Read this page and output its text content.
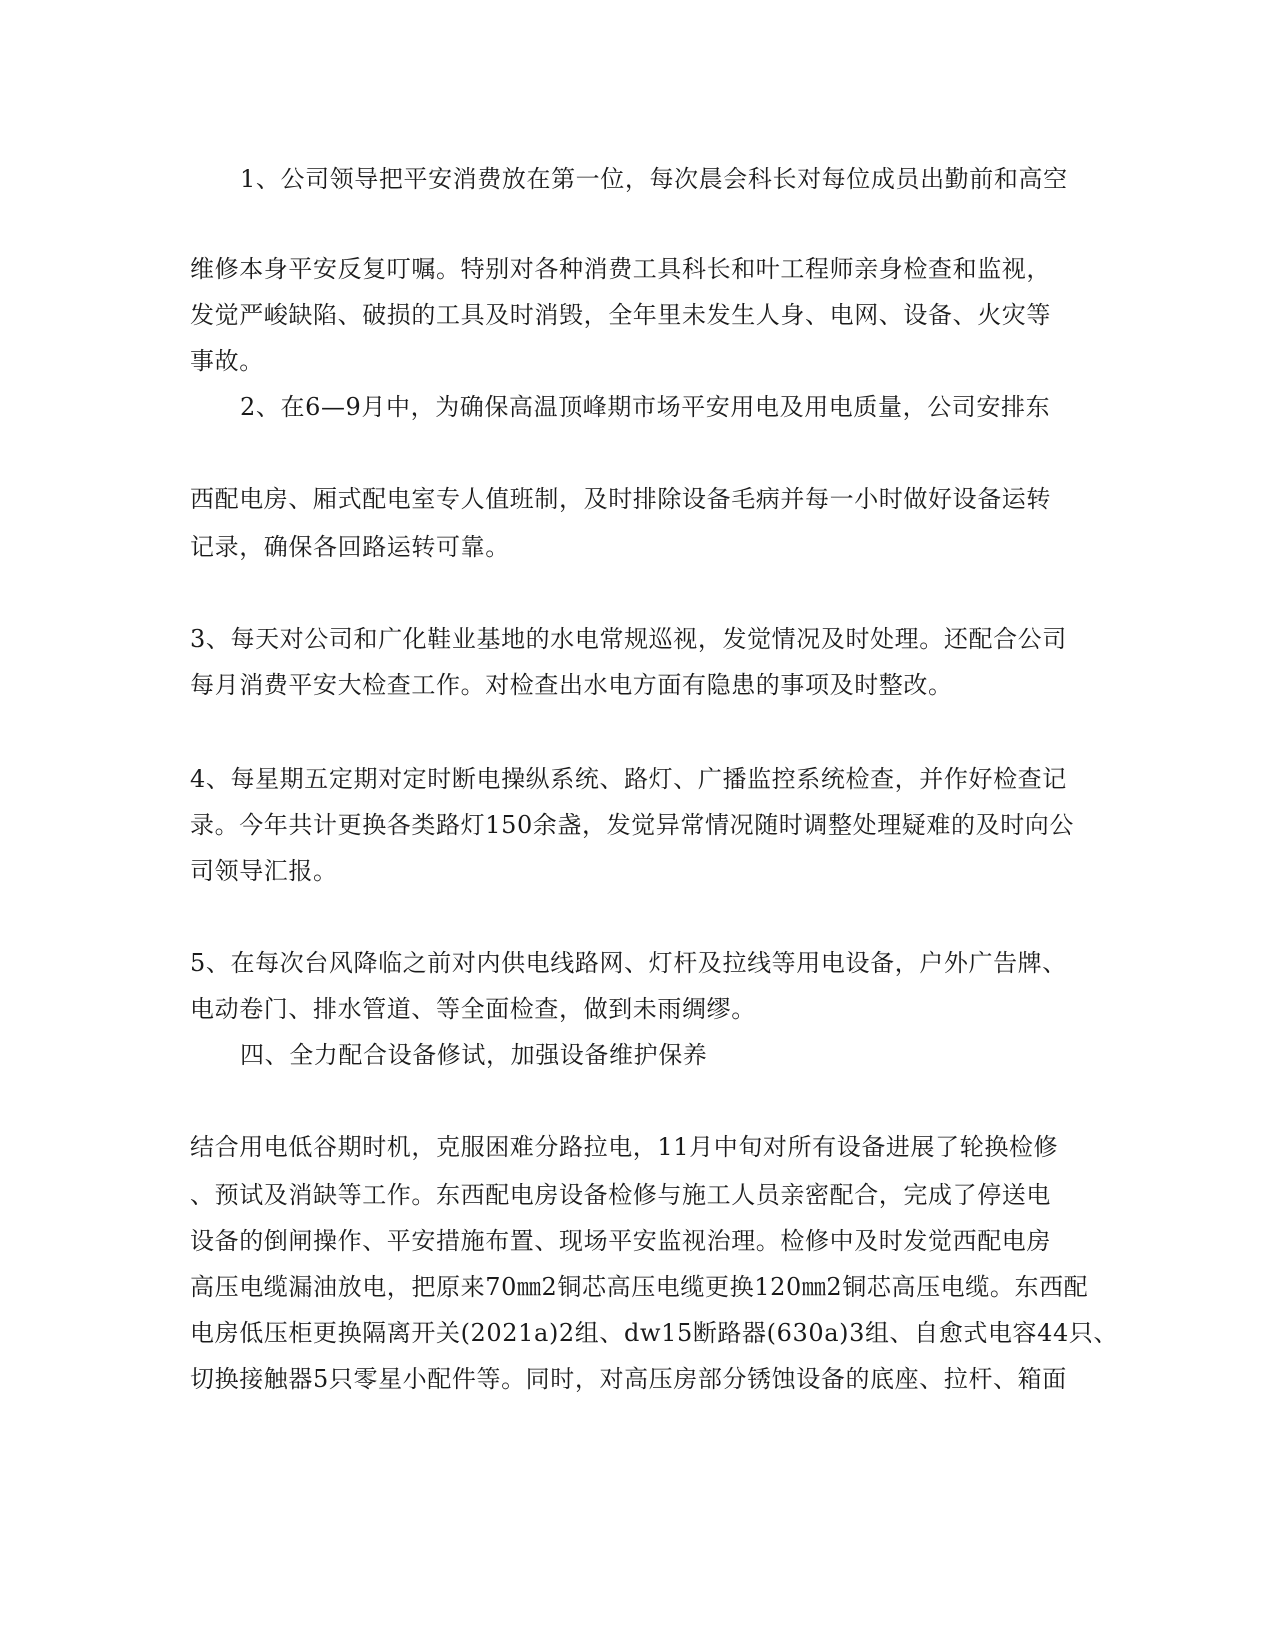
1、公司领导把平安消费放在第一位，每次晨会科长对每位成员出勤前和高空
维修本身平安反复叮嘱。特别对各种消费工具科长和叶工程师亲身检查和监视，
发觉严峻缺陷、破损的工具及时消毁，全年里未发生人身、电网、设备、火灾等
事故。
2、在6—9月中，为确保高温顶峰期市场平安用电及用电质量，公司安排东
西配电房、厢式配电室专人值班制，及时排除设备毛病并每一小时做好设备运转
记录，确保各回路运转可靠。
3、每天对公司和广化鞋业基地的水电常规巡视，发觉情况及时处理。还配合公司
每月消费平安大检查工作。对检查出水电方面有隐患的事项及时整改。
4、每星期五定期对定时断电操纵系统、路灯、广播监控系统检查，并作好检查记
录。今年共计更换各类路灯150余盏，发觉异常情况随时调整处理疑难的及时向公
司领导汇报。
5、在每次台风降临之前对内供电线路网、灯杆及拉线等用电设备，户外广告牌、
电动卷门、排水管道、等全面检查，做到未雨绸缪。
四、全力配合设备修试，加强设备维护保养
结合用电低谷期时机，克服困难分路拉电，11月中旬对所有设备进展了轮换检修
、预试及消缺等工作。东西配电房设备检修与施工人员亲密配合，完成了停送电
设备的倒闸操作、平安措施布置、现场平安监视治理。检修中及时发觉西配电房
高压电缆漏油放电，把原来70㎜2铜芯高压电缆更换120㎜2铜芯高压电缆。东西配
电房低压柜更换隔离开关(2021a)2组、dw15断路器(630a)3组、自愈式电容44只、
切换接触器5只零星小配件等。同时，对高压房部分锈蚀设备的底座、拉杆、箱面
